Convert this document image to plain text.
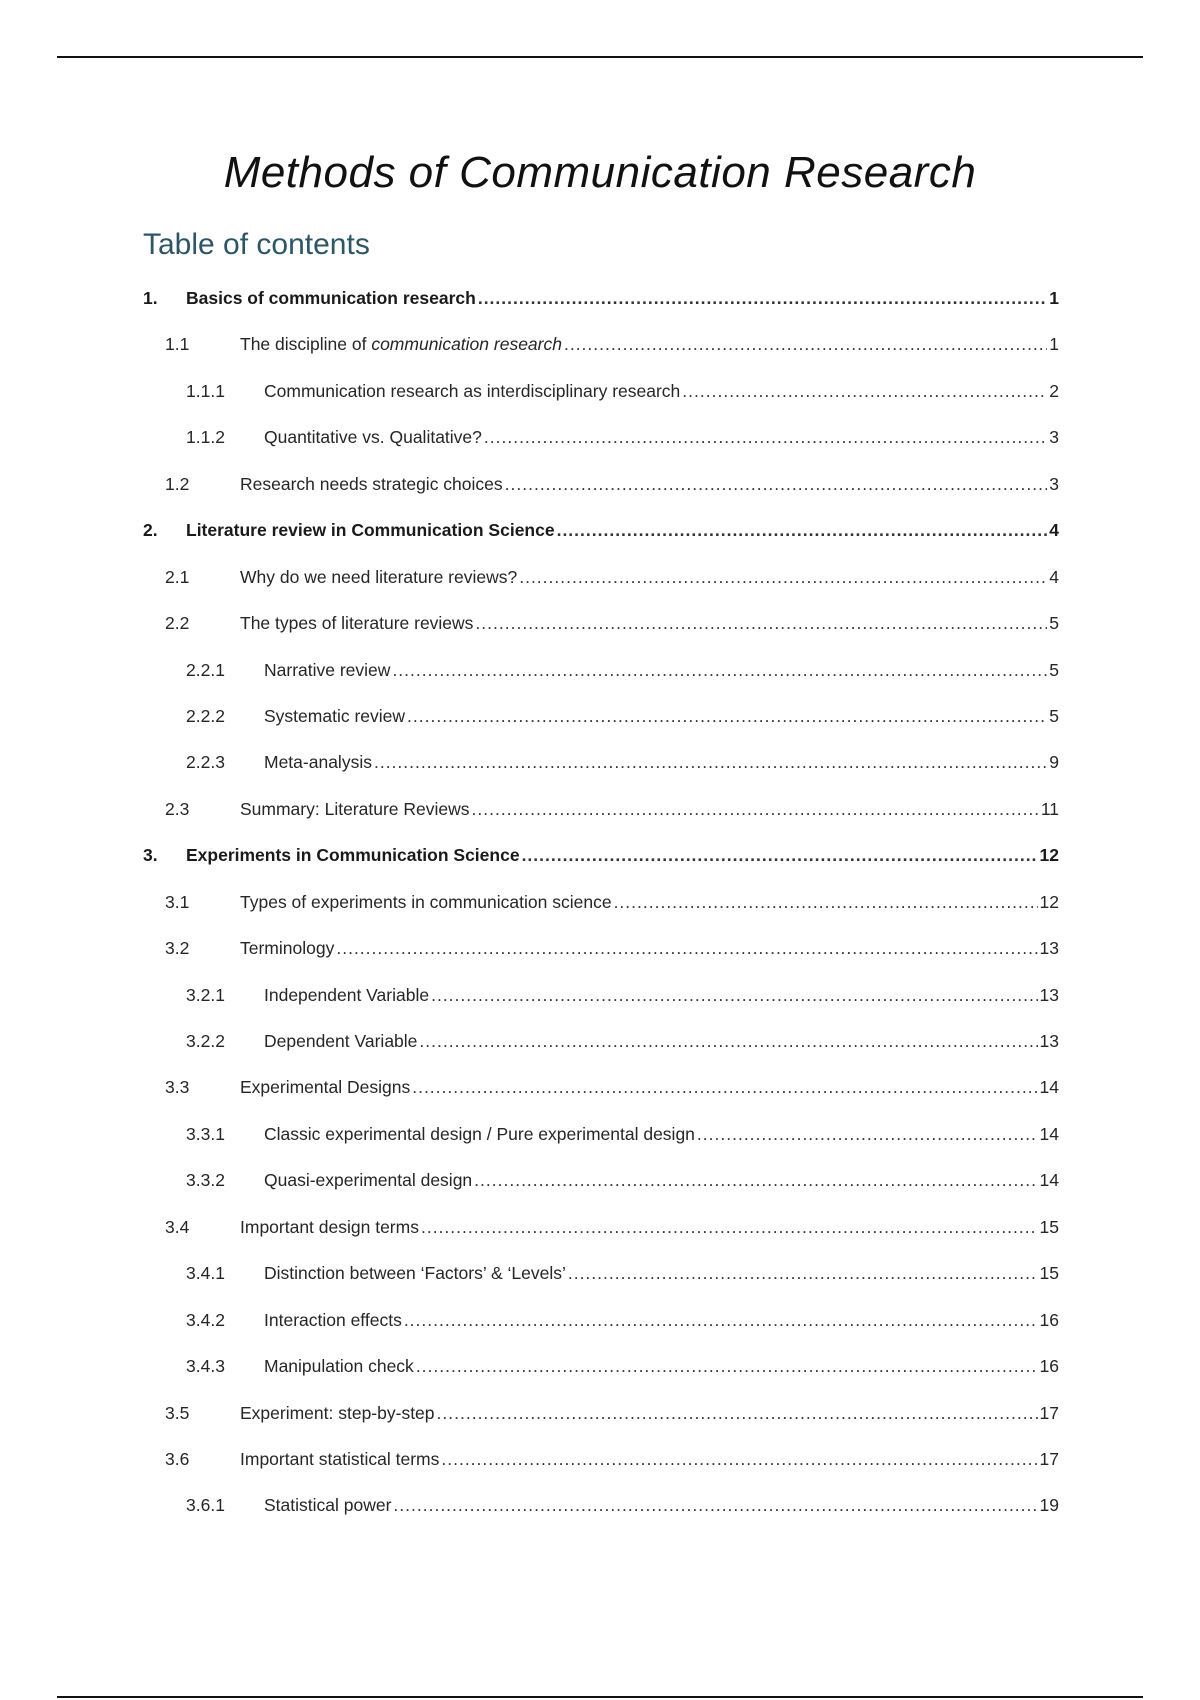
Methods of Communication Research
Table of contents
1. Basics of communication research .....	1
1.1	The discipline of communication research .....	1
1.1.1 Communication research as interdisciplinary research .....	2
1.1.2 Quantitative vs. Qualitative? .....	3
1.2	Research needs strategic choices .....	3
2. Literature review in Communication Science .....	4
2.1	Why do we need literature reviews? .....	4
2.2	The types of literature reviews .....	5
2.2.1 Narrative review .....	5
2.2.2 Systematic review .....	5
2.2.3 Meta-analysis .....	9
2.3	Summary: Literature Reviews .....	11
3. Experiments in Communication Science .....	12
3.1	Types of experiments in communication science .....	12
3.2	Terminology .....	13
3.2.1 Independent Variable .....	13
3.2.2 Dependent Variable .....	13
3.3	Experimental Designs .....	14
3.3.1 Classic experimental design / Pure experimental design .....	14
3.3.2 Quasi-experimental design .....	14
3.4	Important design terms .....	15
3.4.1 Distinction between ‘Factors’ & ‘Levels’ .....	15
3.4.2 Interaction effects .....	16
3.4.3 Manipulation check .....	16
3.5	Experiment: step-by-step .....	17
3.6	Important statistical terms .....	17
3.6.1 Statistical power .....	19
